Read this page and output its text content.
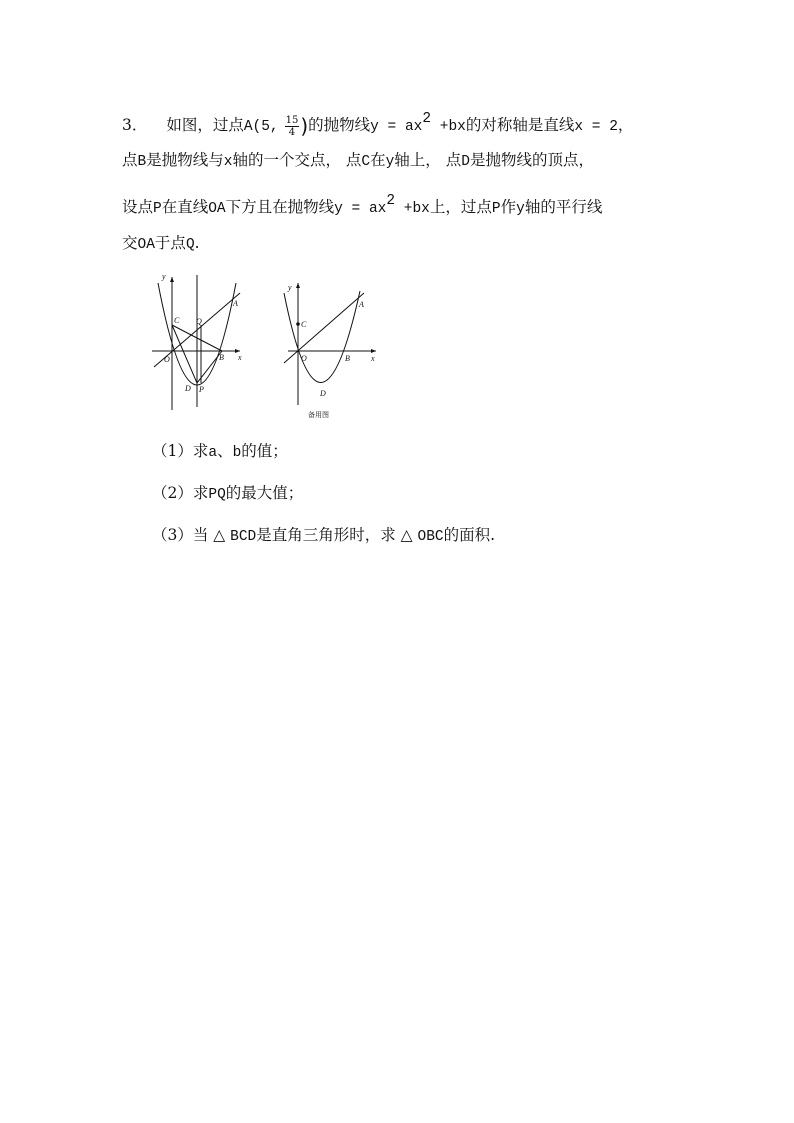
3． 如图，过点A(5, $\frac{15}{4}$ )的抛物线$y = ax^2 +bx$的对称轴是直线x = 2，
点B是抛物线与x轴的一个交点， 点C在y轴上， 点D是抛物线的顶点，
设点P在直线OA下方且在抛物线$y = ax^2 +bx$上，过点P作y轴的平行线
交OA于点Q.
y
x
C Q
A
O	B
D P
y
x
C
A
O	B
D
备用图
（1）求a、b的值；
（2）求PQ的最大值；
（3）当 △ BCD是直角三角形时，求 △ OBC的面积.
